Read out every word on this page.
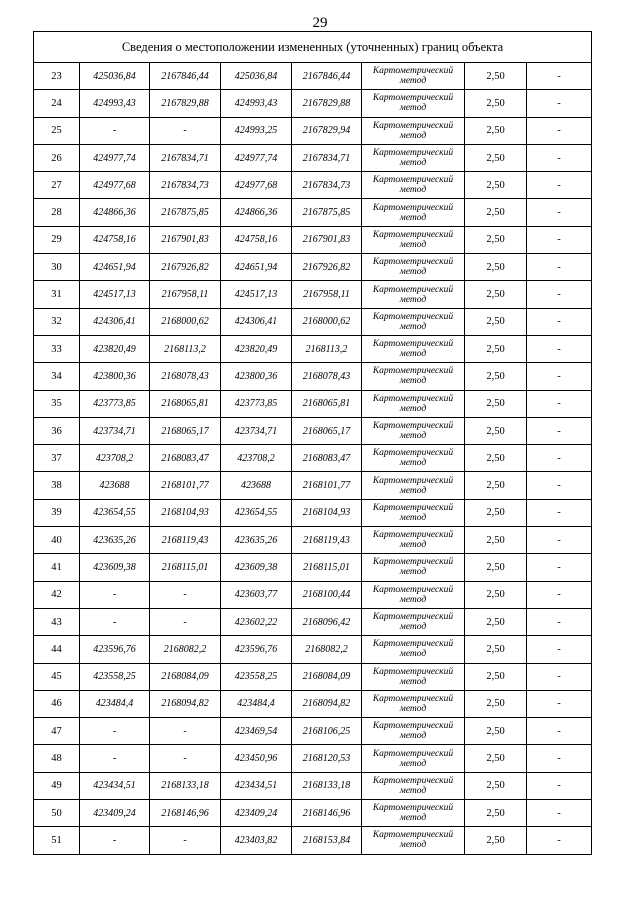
29
Сведения о местоположении измененных (уточненных) границ объекта							
23	425036,84	2167846,44	425036,84	2167846,44	Картометрический
метод	2,50	-
24	424993,43	2167829,88	424993,43	2167829,88	Картометрический
метод	2,50	-
25	-	-	424993,25	2167829,94	Картометрический
метод	2,50	-
26	424977,74	2167834,71	424977,74	2167834,71	Картометрический
метод	2,50	-
27	424977,68	2167834,73	424977,68	2167834,73	Картометрический
метод	2,50	-
28	424866,36	2167875,85	424866,36	2167875,85	Картометрический
метод	2,50	-
29	424758,16	2167901,83	424758,16	2167901,83	Картометрический
метод	2,50	-
30	424651,94	2167926,82	424651,94	2167926,82	Картометрический
метод	2,50	-
31	424517,13	2167958,11	424517,13	2167958,11	Картометрический
метод	2,50	-
32	424306,41	2168000,62	424306,41	2168000,62	Картометрический
метод	2,50	-
33	423820,49	2168113,2	423820,49	2168113,2	Картометрический
метод	2,50	-
34	423800,36	2168078,43	423800,36	2168078,43	Картометрический
метод	2,50	-
35	423773,85	2168065,81	423773,85	2168065,81	Картометрический
метод	2,50	-
36	423734,71	2168065,17	423734,71	2168065,17	Картометрический
метод	2,50	-
37	423708,2	2168083,47	423708,2	2168083,47	Картометрический
метод	2,50	-
38	423688	2168101,77	423688	2168101,77	Картометрический
метод	2,50	-
39	423654,55	2168104,93	423654,55	2168104,93	Картометрический
метод	2,50	-
40	423635,26	2168119,43	423635,26	2168119,43	Картометрический
метод	2,50	-
41	423609,38	2168115,01	423609,38	2168115,01	Картометрический
метод	2,50	-
42	-	-	423603,77	2168100,44	Картометрический
метод	2,50	-
43	-	-	423602,22	2168096,42	Картометрический
метод	2,50	-
44	423596,76	2168082,2	423596,76	2168082,2	Картометрический
метод	2,50	-
45	423558,25	2168084,09	423558,25	2168084,09	Картометрический
метод	2,50	-
46	423484,4	2168094,82	423484,4	2168094,82	Картометрический
метод	2,50	-
47	-	-	423469,54	2168106,25	Картометрический
метод	2,50	-
48	-	-	423450,96	2168120,53	Картометрический
метод	2,50	-
49	423434,51	2168133,18	423434,51	2168133,18	Картометрический
метод	2,50	-
50	423409,24	2168146,96	423409,24	2168146,96	Картометрический
метод	2,50	-
51	-	-	423403,82	2168153,84	Картометрический
метод	2,50	-
